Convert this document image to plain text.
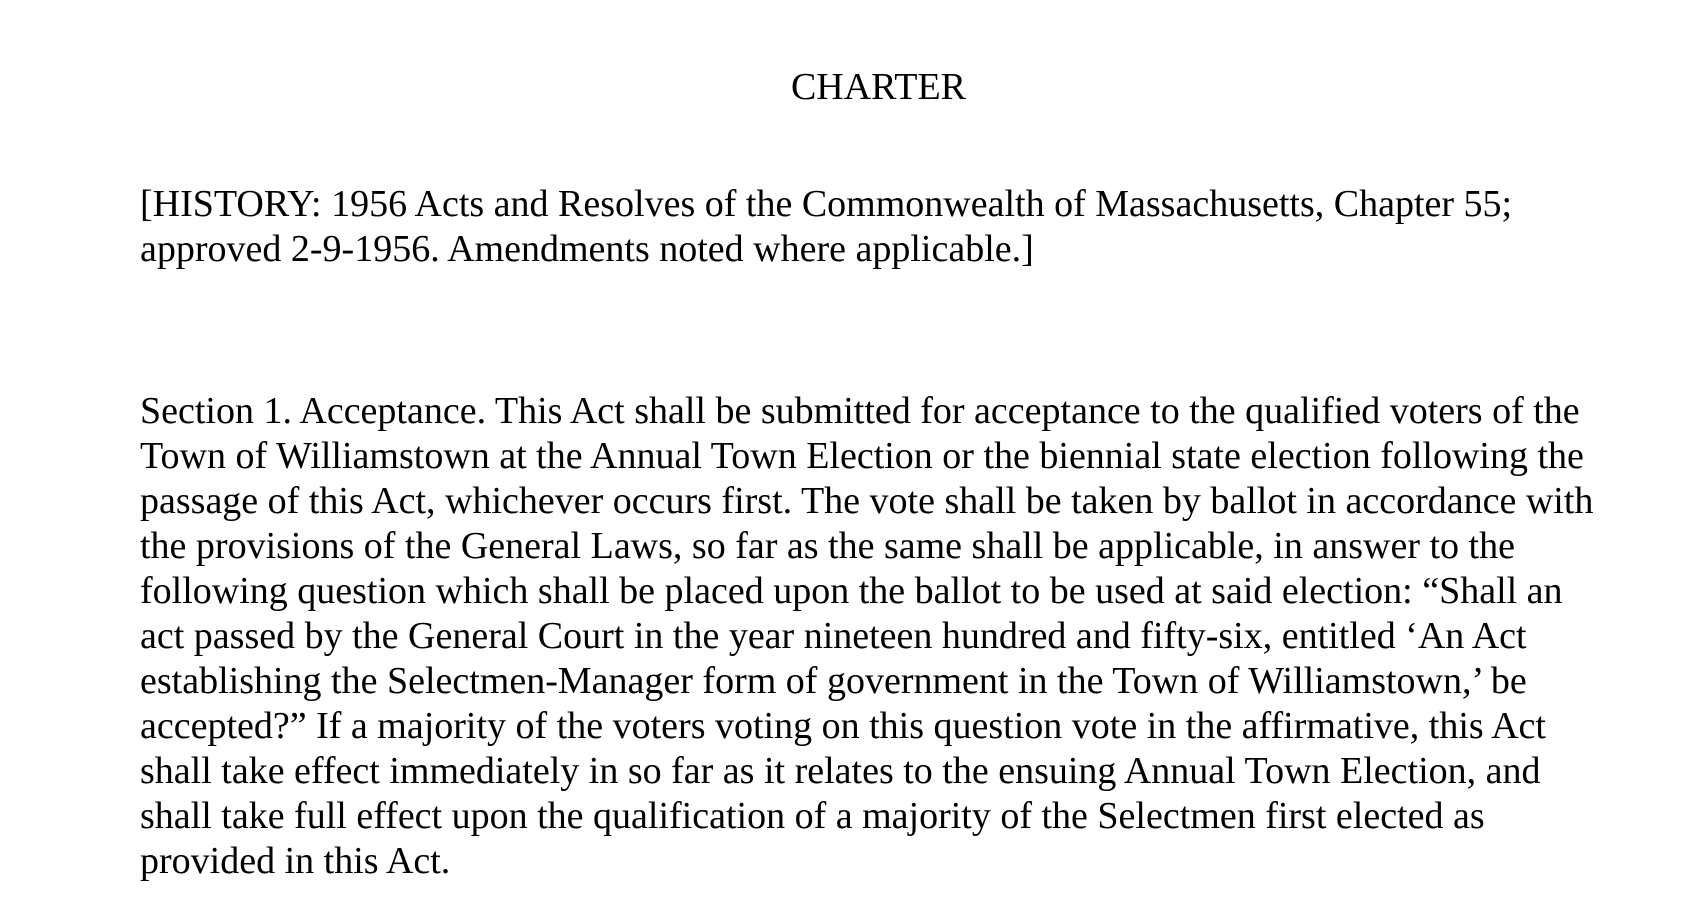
CHARTER
[HISTORY: 1956 Acts and Resolves of the Commonwealth of Massachusetts, Chapter 55;
approved 2-9-1956. Amendments noted where applicable.]
Section 1. Acceptance. This Act shall be submitted for acceptance to the qualified voters of the
Town of Williamstown at the Annual Town Election or the biennial state election following the
passage of this Act, whichever occurs first. The vote shall be taken by ballot in accordance with
the provisions of the General Laws, so far as the same shall be applicable, in answer to the
following question which shall be placed upon the ballot to be used at said election: “Shall an
act passed by the General Court in the year nineteen hundred and fifty-six, entitled ‘An Act
establishing the Selectmen-Manager form of government in the Town of Williamstown,’ be
accepted?” If a majority of the voters voting on this question vote in the affirmative, this Act
shall take effect immediately in so far as it relates to the ensuing Annual Town Election, and
shall take full effect upon the qualification of a majority of the Selectmen first elected as
provided in this Act.
